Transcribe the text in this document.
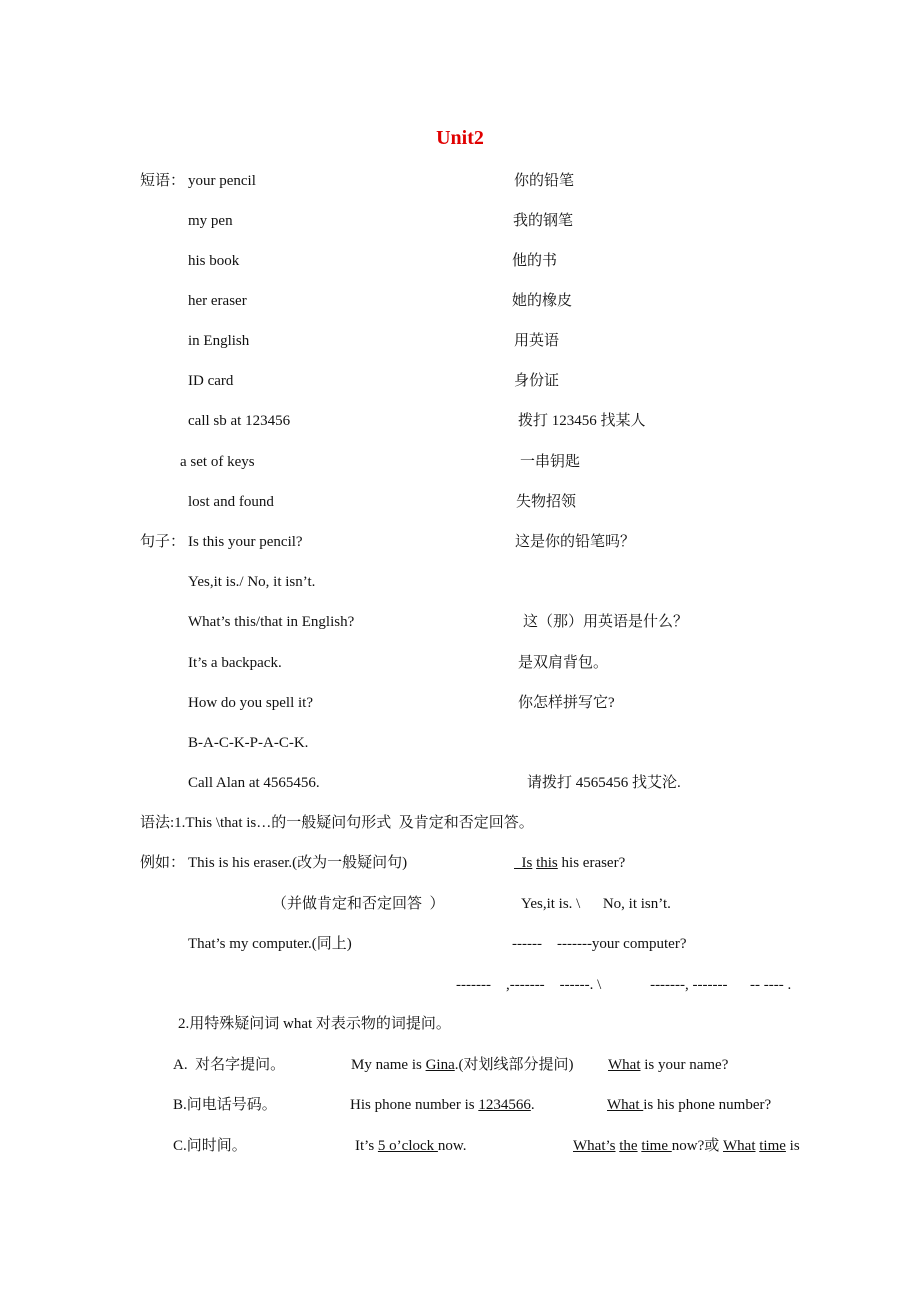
Unit2
短语： your pencil	你的铅笔
my pen	我的钢笔
his book	他的书
her eraser	她的橡皮
in English	用英语
ID card	身份证
call sb at 123456	拨打 123456 找某人
a set of keys	一串钥匙
lost and found	失物招领
句子： Is this your pencil?	这是你的铅笔吗？
Yes,it is./ No, it isn’t.
What’s this/that in English?	这（那）用英语是什么？
It’s a backpack.	是双肩背包。
How do you spell it?	你怎样拼写它?
B-A-C-K-P-A-C-K.
Call Alan at 4565456.	请拨打 4565456 找艾沦.
语法:1.This \that is…的一般疑问句形式  及肯定和否定回答。
例如： This is his eraser.(改为一般疑问句)	Is this his eraser?
（并做肯定和否定回答  ）	Yes,it is. \      No, it isn’t.
That’s my computer.(同上)	------    -------your computer?
-------    ,-------    ------. \             -------, -------      -- ---- .
2.用特殊疑问词 what 对表示物的词提问。
A.  对名字提问。	My name is Gina.(对划线部分提问) What is your name?
B.问电话号码。	His phone number is 1234566.	What is his phone number?
C.问时间。	It’s 5 o’clock now.	What’s the time now?或 What time is
